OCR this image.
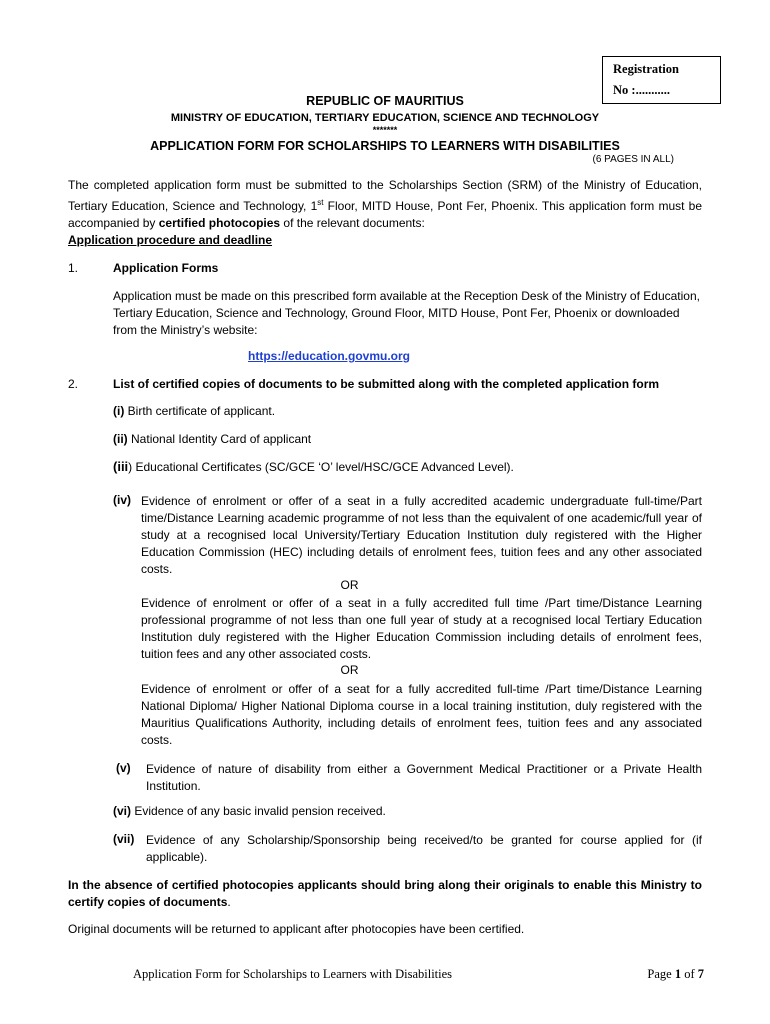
Registration
No :...........
REPUBLIC OF MAURITIUS
MINISTRY OF EDUCATION, TERTIARY EDUCATION, SCIENCE AND TECHNOLOGY
*******
APPLICATION FORM FOR SCHOLARSHIPS TO LEARNERS WITH DISABILITIES
(6 PAGES IN ALL)
The completed application form must be submitted to the Scholarships Section (SRM) of the Ministry of Education, Tertiary Education, Science and Technology, 1st Floor, MITD House, Pont Fer, Phoenix. This application form must be accompanied by certified photocopies of the relevant documents:
Application procedure and deadline
1.	Application Forms
Application must be made on this prescribed form available at the Reception Desk of the Ministry of Education, Tertiary Education, Science and Technology, Ground Floor, MITD House, Pont Fer, Phoenix or downloaded from the Ministry’s website:
https://education.govmu.org
2.	List of certified copies of documents to be submitted along with the completed application form
(i) Birth certificate of applicant.
(ii) National Identity Card of applicant
(iii) Educational Certificates (SC/GCE ‘O’ level/HSC/GCE Advanced Level).
(iv) Evidence of enrolment or offer of a seat in a fully accredited academic undergraduate full-time/Part time/Distance Learning academic programme of not less than the equivalent of one academic/full year of study at a recognised local University/Tertiary Education Institution duly registered with the Higher Education Commission (HEC) including details of enrolment fees, tuition fees and any other associated costs.
OR
Evidence of enrolment or offer of a seat in a fully accredited full time /Part time/Distance Learning professional programme of not less than one full year of study at a recognised local Tertiary Education Institution duly registered with the Higher Education Commission including details of enrolment fees, tuition fees and any other associated costs.
OR
Evidence of enrolment or offer of a seat for a fully accredited full-time /Part time/Distance Learning National Diploma/ Higher National Diploma course in a local training institution, duly registered with the Mauritius Qualifications Authority, including details of enrolment fees, tuition fees and any associated costs.
(v) Evidence of nature of disability from either a Government Medical Practitioner or a Private Health Institution.
(vi) Evidence of any basic invalid pension received.
(vii) Evidence of any Scholarship/Sponsorship being received/to be granted for course applied for (if applicable).
In the absence of certified photocopies applicants should bring along their originals to enable this Ministry to certify copies of documents.
Original documents will be returned to applicant after photocopies have been certified.
Application Form for Scholarships to Learners with Disabilities	Page 1 of 7
